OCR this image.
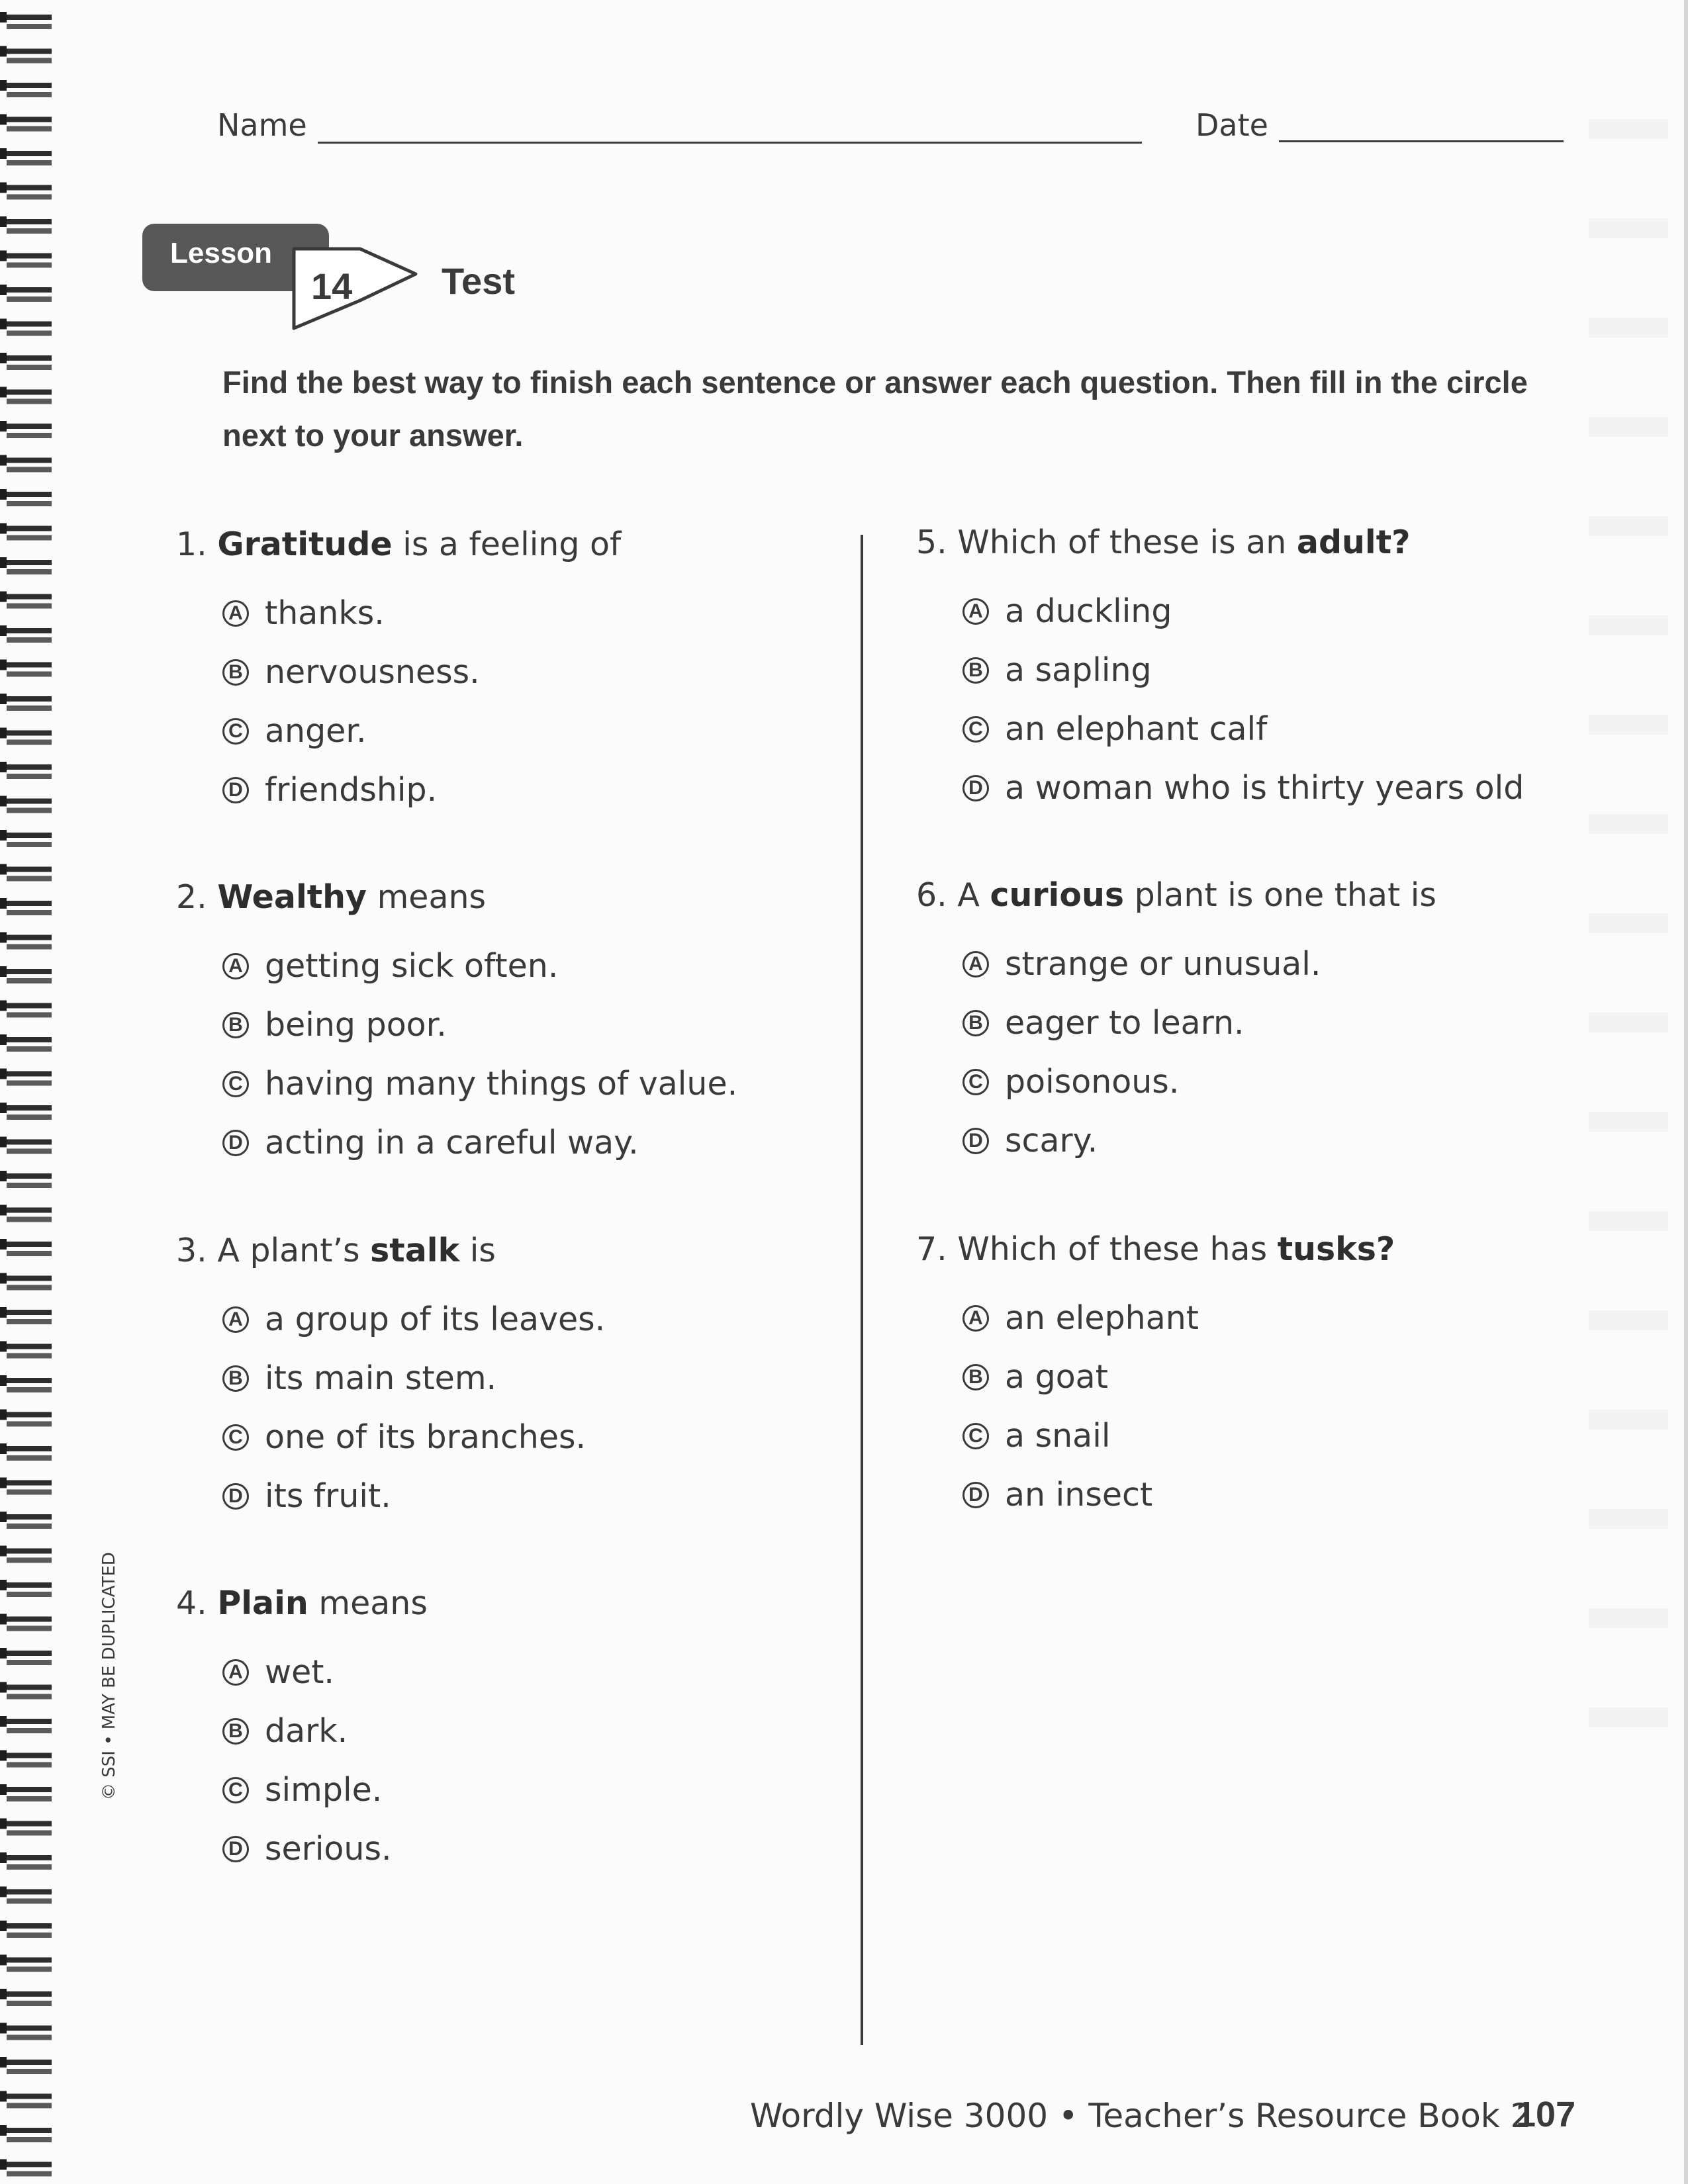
Name	Date
Lesson
14 Test
Find the best way to finish each sentence or answer each question. Then fill in the circle next to your answer.
1. Gratitude is a feeling of
A thanks.
B nervousness.
C anger.
D friendship.
2. Wealthy means
A getting sick often.
B being poor.
C having many things of value.
D acting in a careful way.
3. A plant’s stalk is
A a group of its leaves.
B its main stem.
C one of its branches.
D its fruit.
4. Plain means
A wet.
B dark.
C simple.
D serious.
5. Which of these is an adult?
A a duckling
B a sapling
C an elephant calf
D a woman who is thirty years old
6. A curious plant is one that is
A strange or unusual.
B eager to learn.
C poisonous.
D scary.
7. Which of these has tusks?
A an elephant
B a goat
C a snail
D an insect
© SSI • MAY BE DUPLICATED
Wordly Wise 3000 • Teacher’s Resource Book 2
107
